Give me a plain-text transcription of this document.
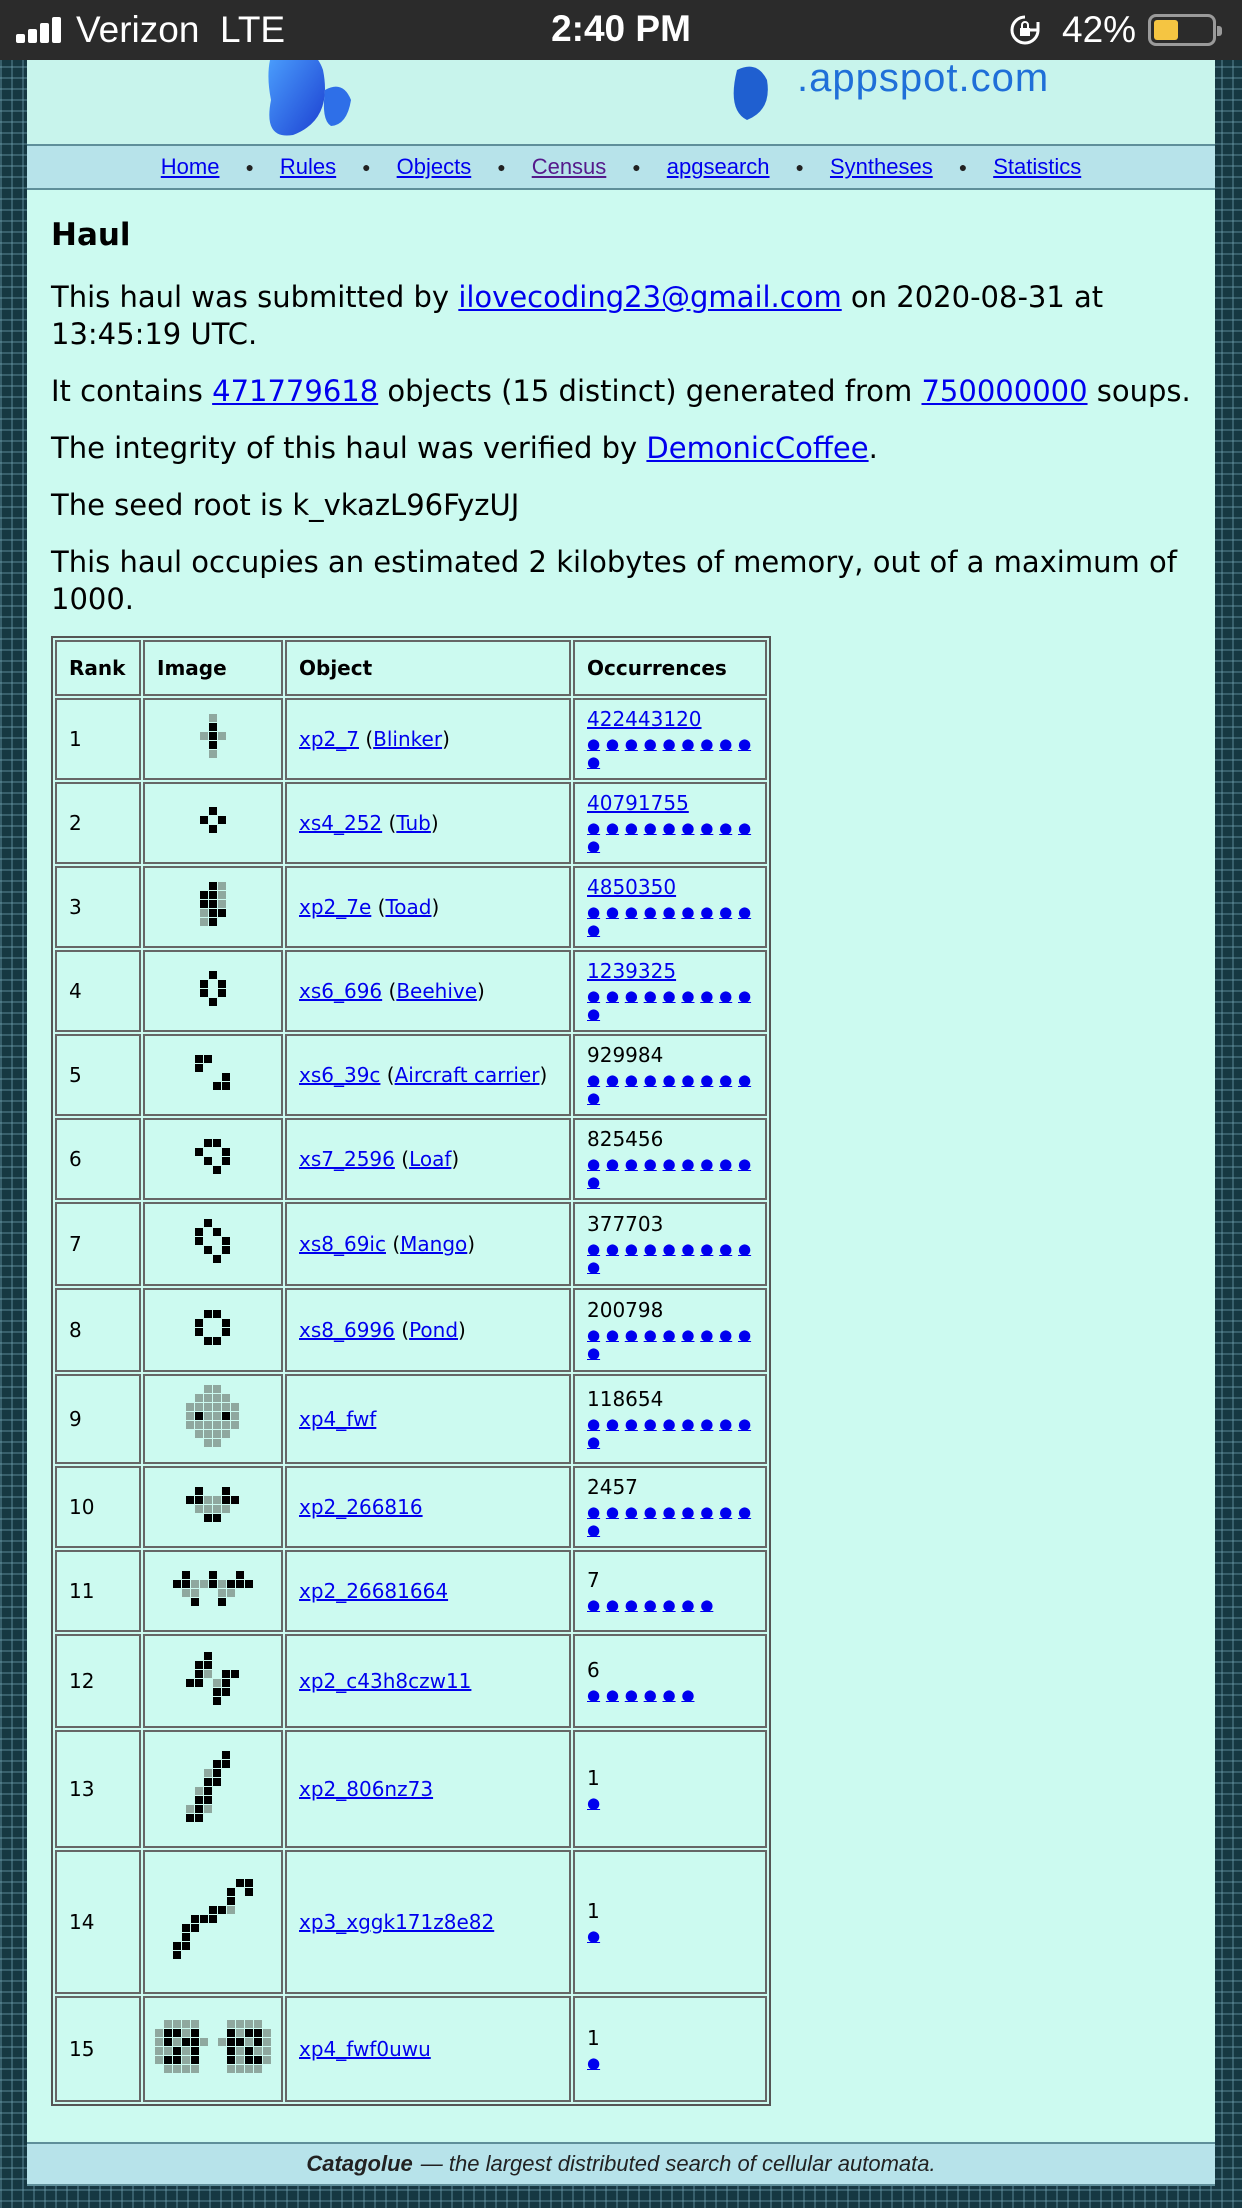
Verizon LTE	2:40 PM	42%
.appspot.com
Home ● Rules ● Objects ● Census ● apgsearch ● Syntheses ● Statistics
Haul

This haul was submitted by ilovecoding23@gmail.com on 2020-08-31 at 13:45:19 UTC.

It contains 471779618 objects (15 distinct) generated from 750000000 soups.

The integrity of this haul was verified by DemonicCoffee.

The seed root is k_vkazL96FyzUJ

This haul occupies an estimated 2 kilobytes of memory, out of a maximum of 1000.

Rank	Image	Object	Occurrences
1		xp2_7 (Blinker)	422443120
● ● ● ● ● ● ● ● ● ●

2		xs4_252 (Tub)	40791755
● ● ● ● ● ● ● ● ● ●

3		xp2_7e (Toad)	4850350
● ● ● ● ● ● ● ● ● ●

4		xs6_696 (Beehive)	1239325
● ● ● ● ● ● ● ● ● ●

5		xs6_39c (Aircraft carrier)	929984
● ● ● ● ● ● ● ● ● ●

6		xs7_2596 (Loaf)	825456
● ● ● ● ● ● ● ● ● ●

7		xs8_69ic (Mango)	377703
● ● ● ● ● ● ● ● ● ●

8		xs8_6996 (Pond)	200798
● ● ● ● ● ● ● ● ● ●

9		xp4_fwf	118654
● ● ● ● ● ● ● ● ● ●

10		xp2_266816	2457
● ● ● ● ● ● ● ● ● ●

11		xp2_26681664	7
● ● ● ● ● ● ●

12		xp2_c43h8czw11	6
● ● ● ● ● ●

13		xp2_806nz73	1
●

14		xp3_xggk171z8e82	1
●

15		xp4_fwf0uwu	1
●
Catagolue — the largest distributed search of cellular automata.
